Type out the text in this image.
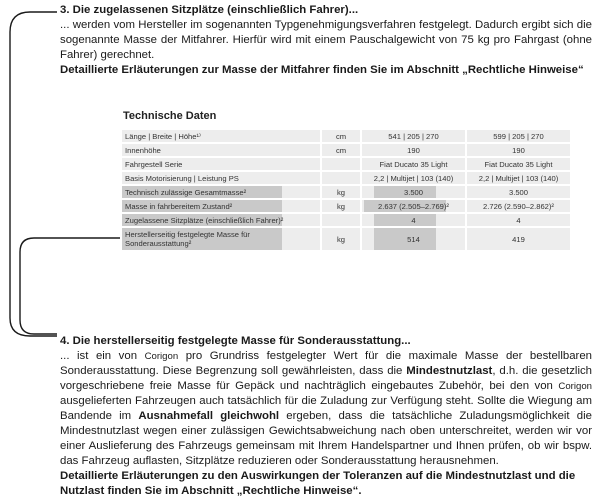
3. Die zugelassenen Sitzplätze (einschließlich Fahrer)...

... werden vom Hersteller im sogenannten Typgenehmigungsverfahren festgelegt. Dadurch ergibt sich die sogenannte Masse der Mitfahrer. Hierfür wird mit einem Pauschalgewicht von 75 kg pro Fahrgast (ohne Fahrer) gerechnet.

Detaillierte Erläuterungen zur Masse der Mitfahrer finden Sie im Abschnitt „Rechtliche Hinweise“

Technische Daten
Länge | Breite | Höhe¹⁾	cm	541 | 205 | 270	599 | 205 | 270
Innenhöhe	cm	190	190
Fahrgestell Serie		Fiat Ducato 35 Light	Fiat Ducato 35 Light
Basis Motorisierung | Leistung PS		2,2 | Multijet | 103 (140)	2,2 | Multijet | 103 (140)
Technisch zulässige Gesamtmasse²	kg	3.500	3.500
Masse in fahrbereitem Zustand²	kg	2.637 (2.505–2.769)²	2.726 (2.590–2.862)²
Zugelassene Sitzplätze (einschließlich Fahrer)²		4	4
Herstellerseitig festgelegte Masse für Sonderausstattung²	kg	514	419

4. Die herstellerseitig festgelegte Masse für Sonderausstattung...

... ist ein von Corigon pro Grundriss festgelegter Wert für die maximale Masse der bestellbaren Sonderausstattung. Diese Begrenzung soll gewährleisten, dass die Mindestnutzlast, d.h. die gesetzlich vorgeschriebene freie Masse für Gepäck und nachträglich eingebautes Zubehör, bei den von Corigon ausgelieferten Fahrzeugen auch tatsächlich für die Zuladung zur Verfügung steht. Sollte die Wiegung am Bandende im Ausnahmefall gleichwohl ergeben, dass die tatsächliche Zuladungsmöglichkeit die Mindestnutzlast wegen einer zulässigen Gewichtsabweichung nach oben unterschreitet, werden wir vor einer Auslieferung des Fahrzeugs gemeinsam mit Ihrem Handelspartner und Ihnen prüfen, ob wir bspw. das Fahrzeug auflasten, Sitzplätze reduzieren oder Sonderausstattung herausnehmen.

Detaillierte Erläuterungen zu den Auswirkungen der Toleranzen auf die Mindestnutzlast und die Nutzlast finden Sie im Abschnitt „Rechtliche Hinweise“.
